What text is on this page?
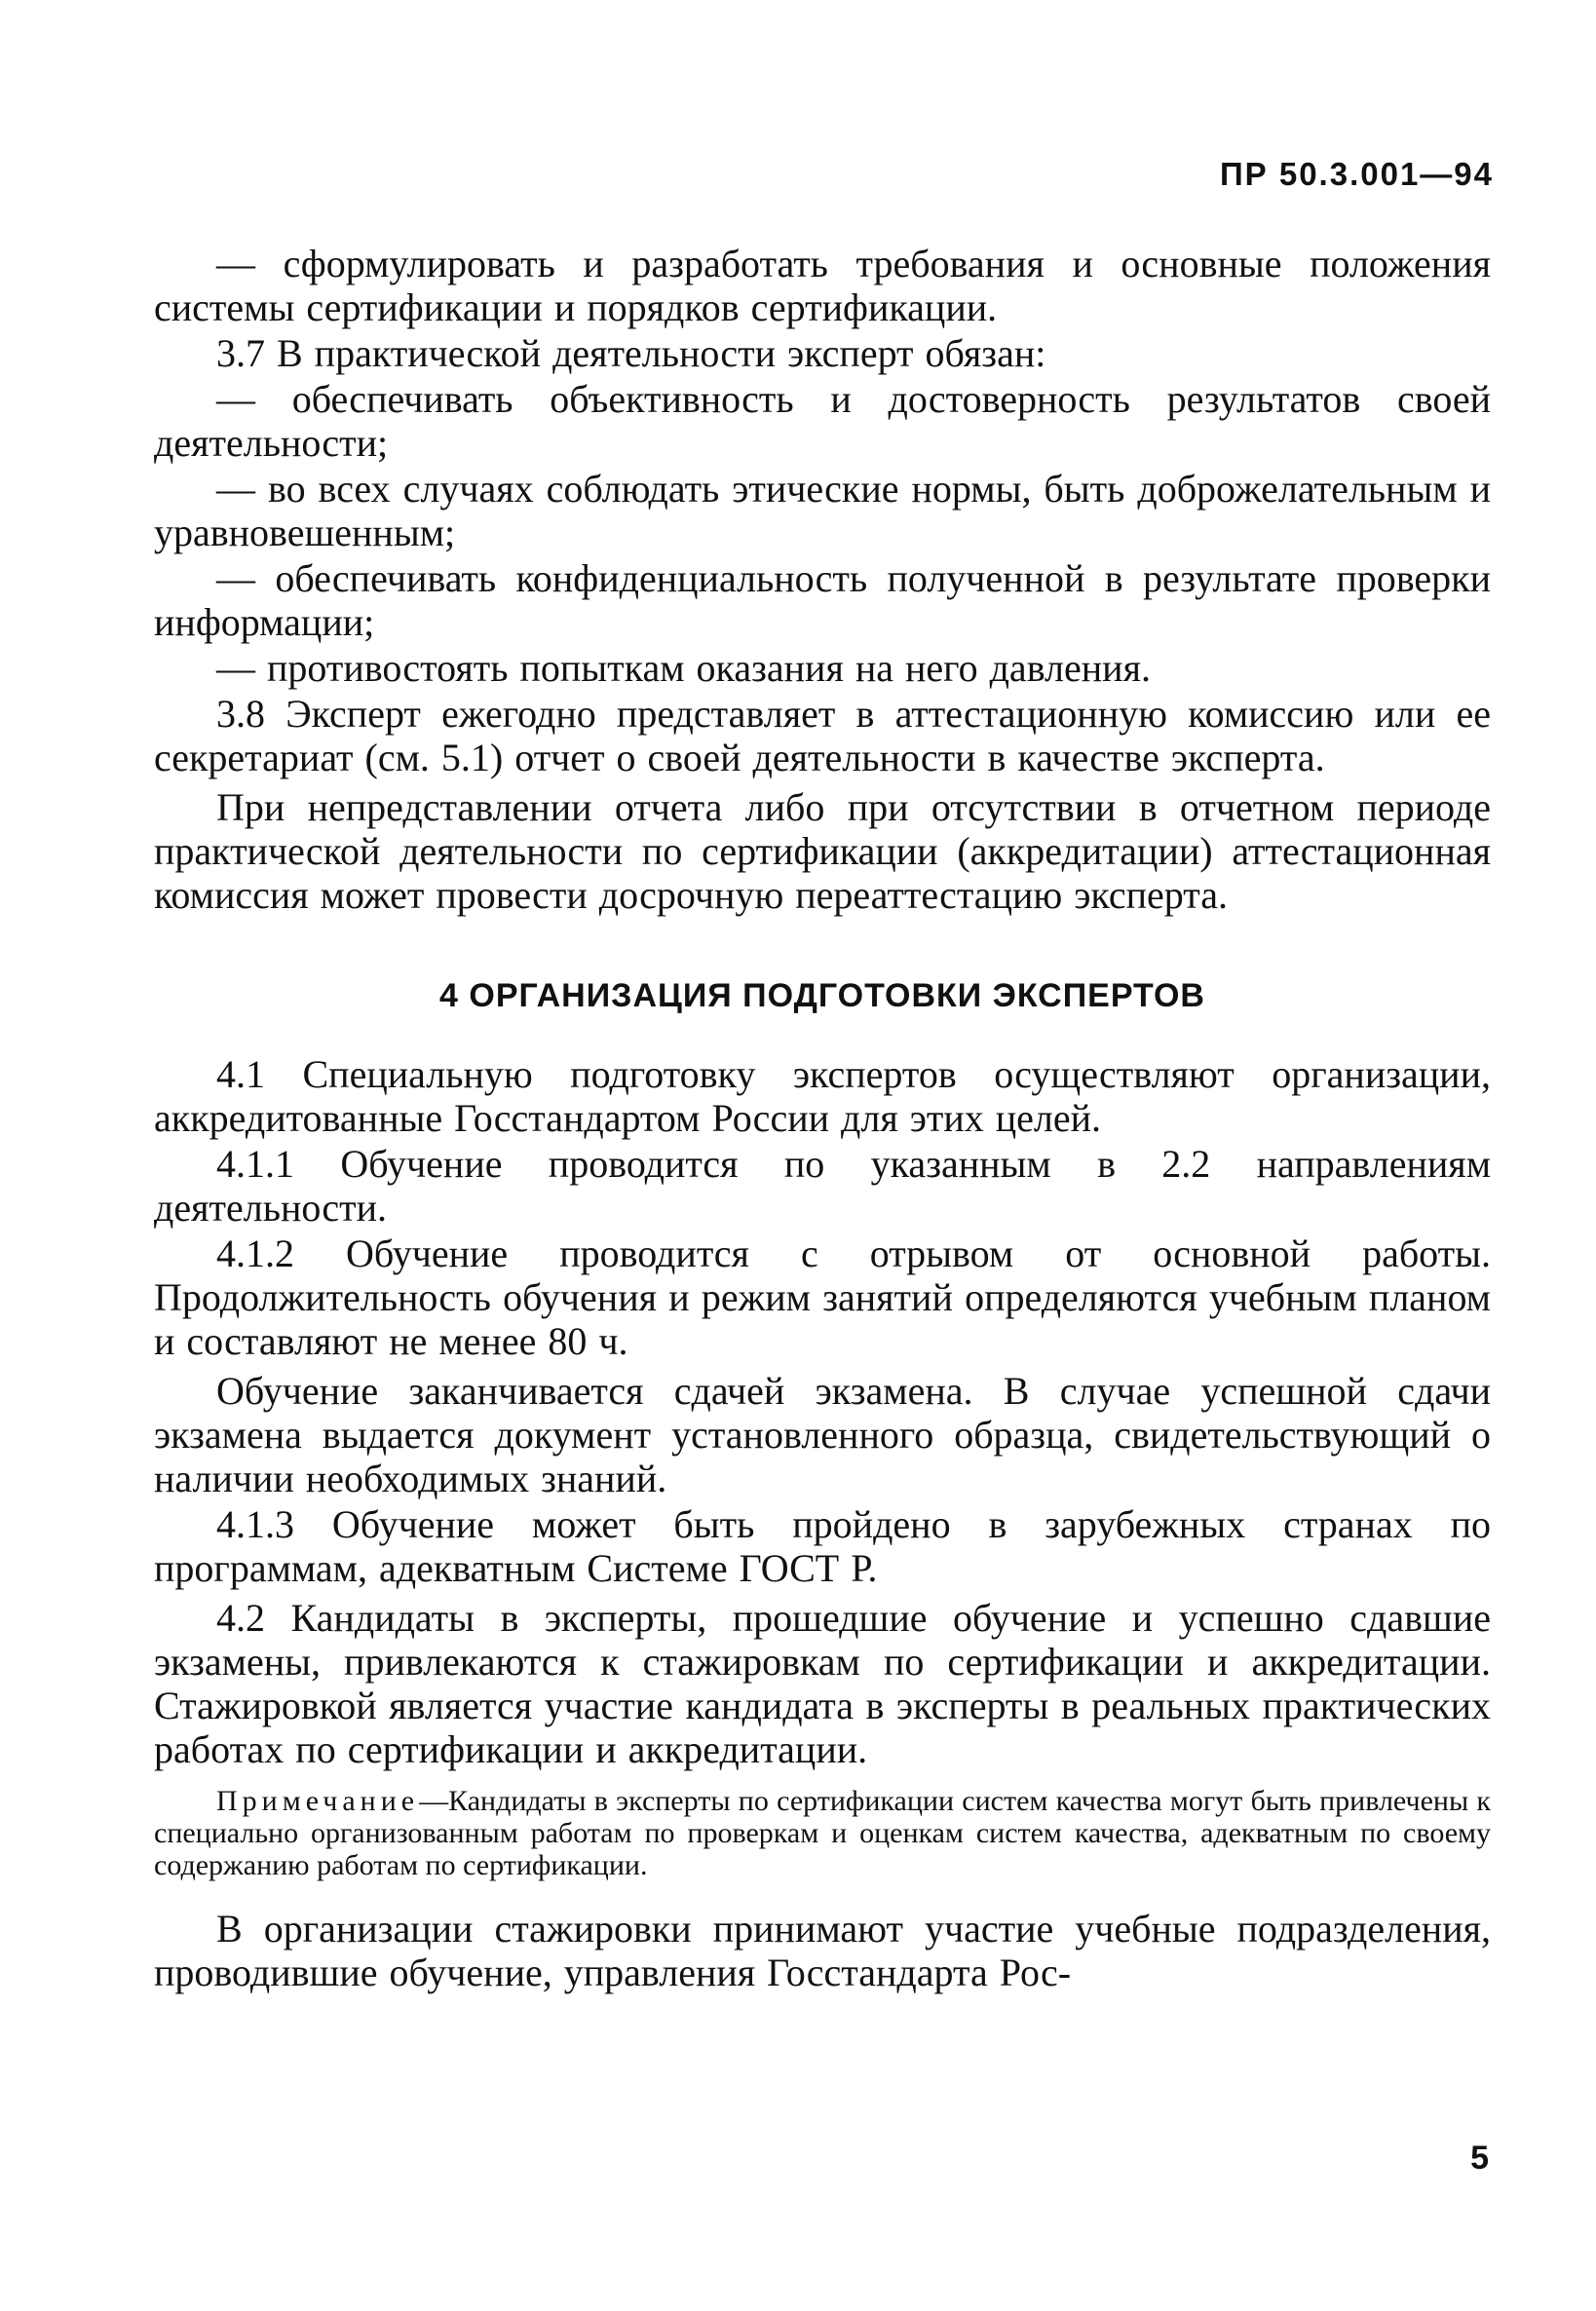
ПР 50.3.001—94

— сформулировать и разработать требования и основные положения системы сертификации и порядков сертификации.

3.7 В практической деятельности эксперт обязан:

— обеспечивать объективность и достоверность результатов своей деятельности;

— во всех случаях соблюдать этические нормы, быть доброжелательным и уравновешенным;

— обеспечивать конфиденциальность полученной в результате проверки информации;

— противостоять попыткам оказания на него давления.

3.8 Эксперт ежегодно представляет в аттестационную комиссию или ее секретариат (см. 5.1) отчет о своей деятельности в качестве эксперта.

При непредставлении отчета либо при отсутствии в отчетном периоде практической деятельности по сертификации (аккредитации) аттестационная комиссия может провести досрочную переаттестацию эксперта.

4 ОРГАНИЗАЦИЯ ПОДГОТОВКИ ЭКСПЕРТОВ

4.1 Специальную подготовку экспертов осуществляют организации, аккредитованные Госстандартом России для этих целей.

4.1.1 Обучение проводится по указанным в 2.2 направлениям деятельности.

4.1.2 Обучение проводится с отрывом от основной работы. Продолжительность обучения и режим занятий определяются учебным планом и составляют не менее 80 ч.

Обучение заканчивается сдачей экзамена. В случае успешной сдачи экзамена выдается документ установленного образца, свидетельствующий о наличии необходимых знаний.

4.1.3 Обучение может быть пройдено в зарубежных странах по программам, адекватным Системе ГОСТ Р.

4.2 Кандидаты в эксперты, прошедшие обучение и успешно сдавшие экзамены, привлекаются к стажировкам по сертификации и аккредитации. Стажировкой является участие кандидата в эксперты в реальных практических работах по сертификации и аккредитации.

Примечание—Кандидаты в эксперты по сертификации систем качества могут быть привлечены к специально организованным работам по проверкам и оценкам систем качества, адекватным по своему содержанию работам по сертификации.

В организации стажировки принимают участие учебные подразделения, проводившие обучение, управления Госстандарта Рос-

5
